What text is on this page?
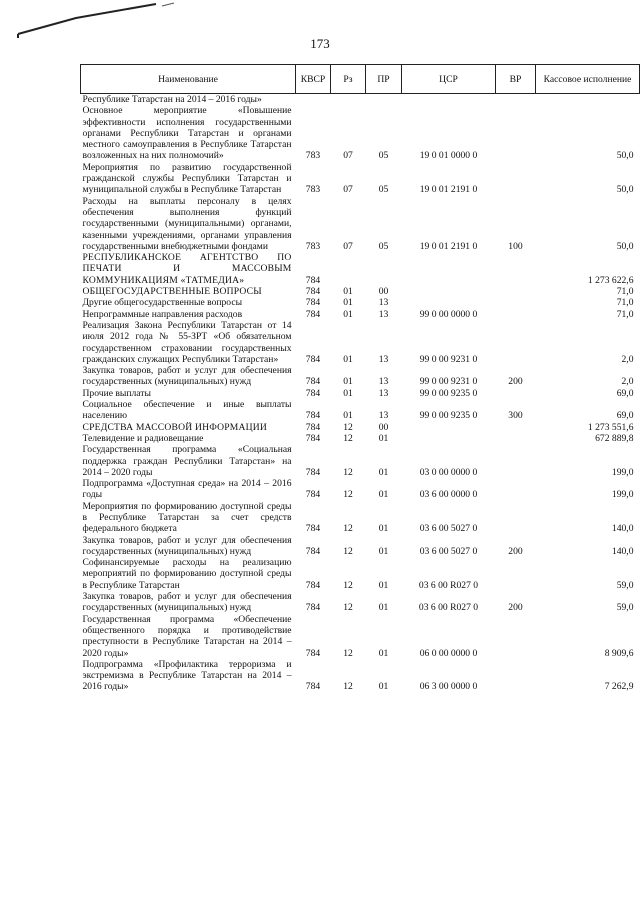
173
Наименование	КВСР	Рз	ПР	ЦСР	ВР	Кассовое исполнение
Республике Татарстан на 2014 – 2016 годы»						
Основное мероприятие «Повышение эффективности исполнения государственными органами Республики Татарстан и органами местного самоуправления в Республике Татарстан возложенных на них полномочий»	783	07	05	19 0 01 0000 0		50,0
Мероприятия по развитию государственной гражданской службы Республики Татарстан и муниципальной службы в Республике Татарстан	783	07	05	19 0 01 2191 0		50,0
Расходы на выплаты персоналу в целях обеспечения выполнения функций государственными (муниципальными) органами, казенными учреждениями, органами управления государственными внебюджетными фондами	783	07	05	19 0 01 2191 0	100	50,0
РЕСПУБЛИКАНСКОЕ АГЕНТСТВО ПО ПЕЧАТИ И МАССОВЫМ КОММУНИКАЦИЯМ «ТАТМЕДИА»	784					1 273 622,6
ОБЩЕГОСУДАРСТВЕННЫЕ ВОПРОСЫ	784	01	00			71,0
Другие общегосударственные вопросы	784	01	13			71,0
Непрограммные направления расходов	784	01	13	99 0 00 0000 0		71,0
Реализация Закона Республики Татарстан от 14 июля 2012 года № 55-ЗРТ «Об обязательном государственном страховании государственных гражданских служащих Республики Татарстан»	784	01	13	99 0 00 9231 0		2,0
Закупка товаров, работ и услуг для обеспечения государственных (муниципальных) нужд	784	01	13	99 0 00 9231 0	200	2,0
Прочие выплаты	784	01	13	99 0 00 9235 0		69,0
Социальное обеспечение и иные выплаты населению	784	01	13	99 0 00 9235 0	300	69,0
СРЕДСТВА МАССОВОЙ ИНФОРМАЦИИ	784	12	00			1 273 551,6
Телевидение и радиовещание	784	12	01			672 889,8
Государственная программа «Социальная поддержка граждан Республики Татарстан» на 2014 – 2020 годы	784	12	01	03 0 00 0000 0		199,0
Подпрограмма «Доступная среда» на 2014 – 2016 годы	784	12	01	03 6 00 0000 0		199,0
Мероприятия по формированию доступной среды в Республике Татарстан за счет средств федерального бюджета	784	12	01	03 6 00 5027 0		140,0
Закупка товаров, работ и услуг для обеспечения государственных (муниципальных) нужд	784	12	01	03 6 00 5027 0	200	140,0
Софинансируемые расходы на реализацию мероприятий по формированию доступной среды в Республике Татарстан	784	12	01	03 6 00 R027 0		59,0
Закупка товаров, работ и услуг для обеспечения государственных (муниципальных) нужд	784	12	01	03 6 00 R027 0	200	59,0
Государственная программа «Обеспечение общественного порядка и противодействие преступности в Республике Татарстан на 2014 – 2020 годы»	784	12	01	06 0 00 0000 0		8 909,6
Подпрограмма «Профилактика терроризма и экстремизма в Республике Татарстан на 2014 – 2016 годы»	784	12	01	06 3 00 0000 0		7 262,9
